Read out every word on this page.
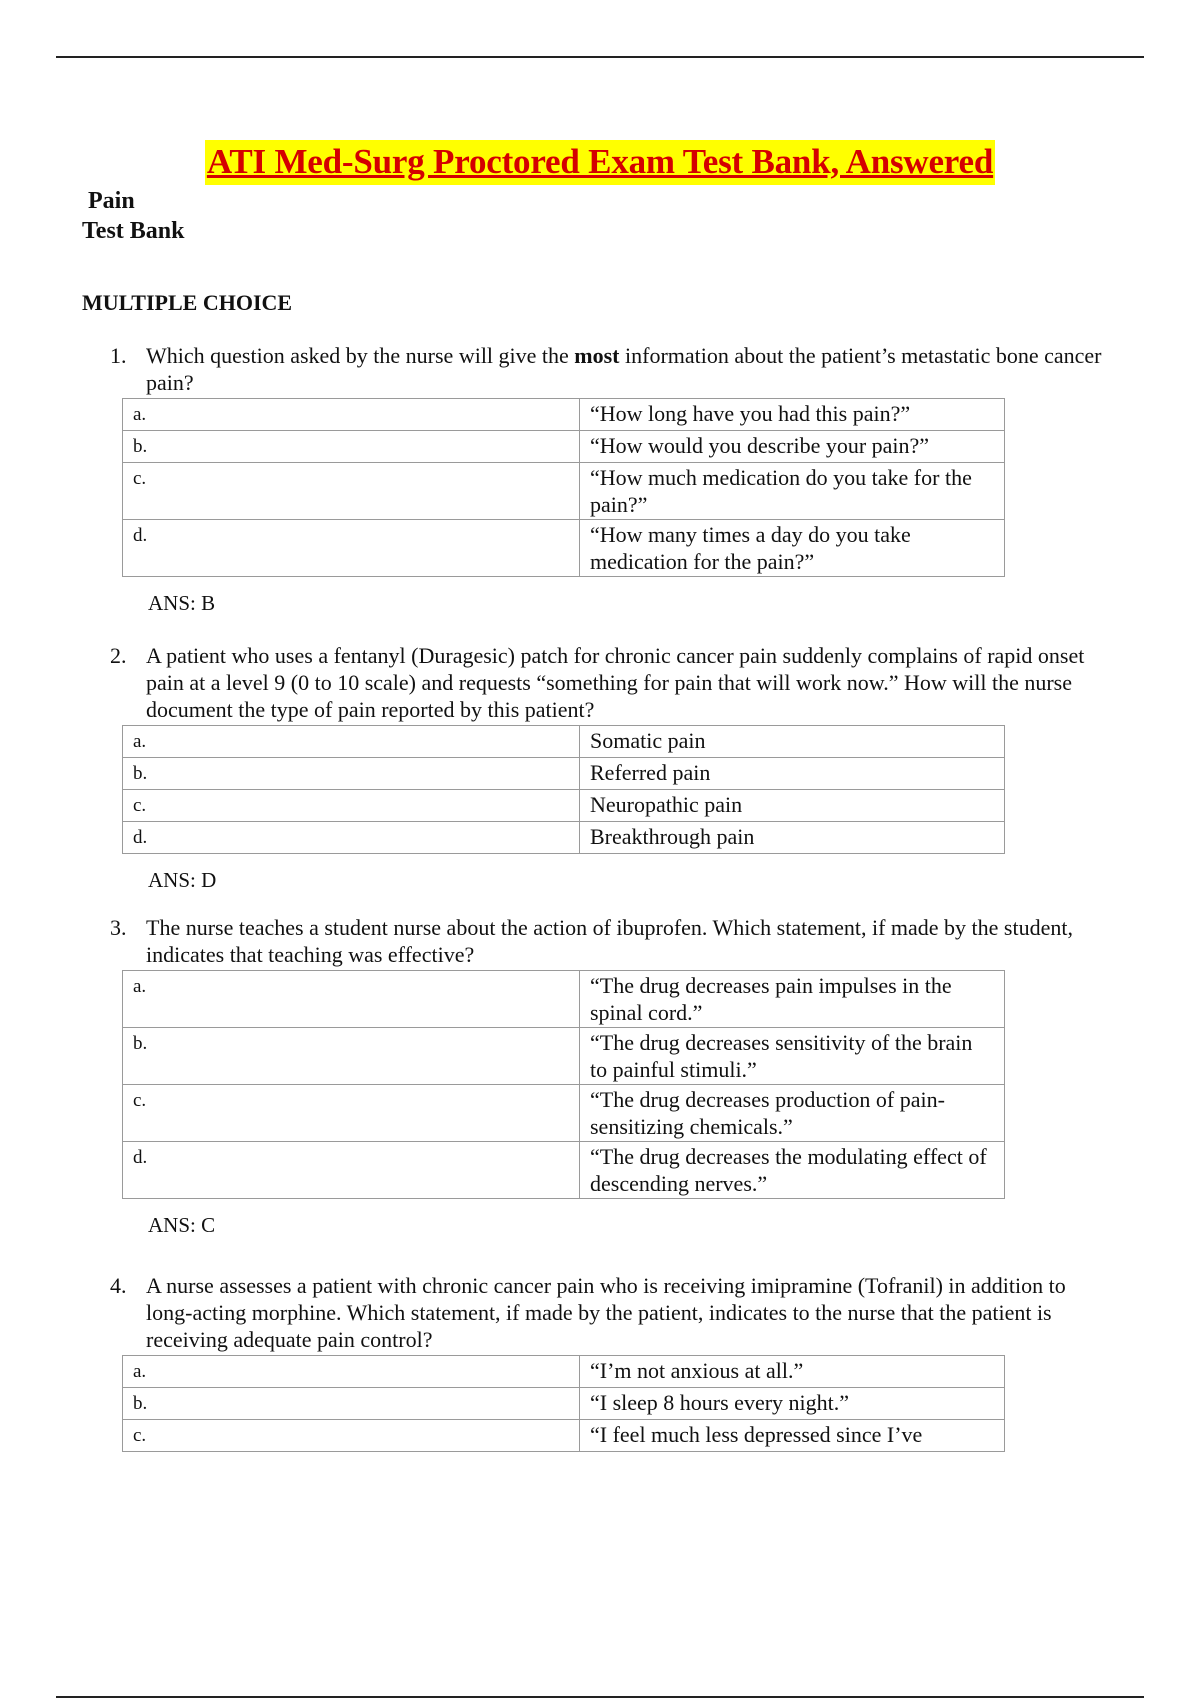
ATI Med-Surg Proctored Exam Test Bank, Answered
Pain
Test Bank
MULTIPLE CHOICE
1. Which question asked by the nurse will give the most information about the patient’s metastatic bone cancer pain?
a.	“How long have you had this pain?”
b.	“How would you describe your pain?”
c.	“How much medication do you take for the pain?”
d.	“How many times a day do you take medication for the pain?”
ANS: B
2. A patient who uses a fentanyl (Duragesic) patch for chronic cancer pain suddenly complains of rapid onset pain at a level 9 (0 to 10 scale) and requests “something for pain that will work now.” How will the nurse document the type of pain reported by this patient?
a.	Somatic pain
b.	Referred pain
c.	Neuropathic pain
d.	Breakthrough pain
ANS: D
3. The nurse teaches a student nurse about the action of ibuprofen. Which statement, if made by the student, indicates that teaching was effective?
a.	“The drug decreases pain impulses in the spinal cord.”
b.	“The drug decreases sensitivity of the brain to painful stimuli.”
c.	“The drug decreases production of pain-sensitizing chemicals.”
d.	“The drug decreases the modulating effect of descending nerves.”
ANS: C
4. A nurse assesses a patient with chronic cancer pain who is receiving imipramine (Tofranil) in addition to long-acting morphine. Which statement, if made by the patient, indicates to the nurse that the patient is receiving adequate pain control?
a.	“I’m not anxious at all.”
b.	“I sleep 8 hours every night.”
c.	“I feel much less depressed since I’ve
